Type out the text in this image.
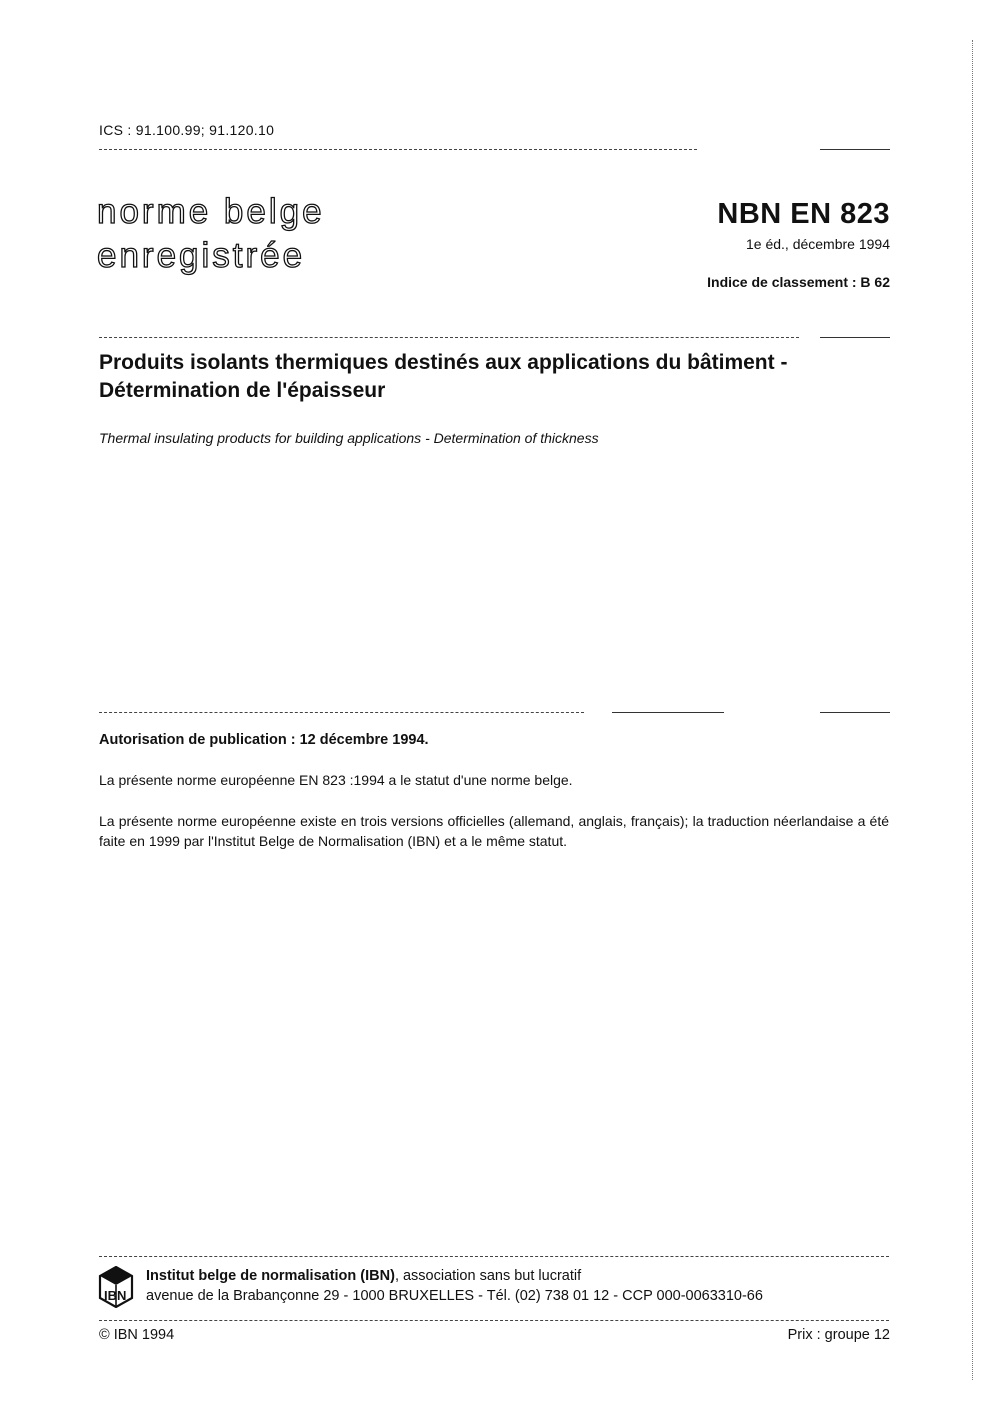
ICS : 91.100.99; 91.120.10
norme belge
enregistrée
NBN EN 823
1e éd., décembre 1994
Indice de classement : B 62
Produits isolants thermiques destinés aux applications du bâtiment - Détermination de l'épaisseur
Thermal insulating products for building applications - Determination of thickness
Autorisation de publication : 12 décembre 1994.
La présente norme européenne EN 823 :1994 a le statut d'une norme belge.
La présente norme européenne existe en trois versions officielles (allemand, anglais, français); la traduction néerlandaise a été faite en 1999 par l'Institut Belge de Normalisation (IBN) et a le même statut.
IBN
Institut belge de normalisation (IBN), association sans but lucratif
avenue de la Brabançonne 29 - 1000 BRUXELLES - Tél. (02) 738 01 12 - CCP 000-0063310-66
© IBN 1994	Prix : groupe 12
